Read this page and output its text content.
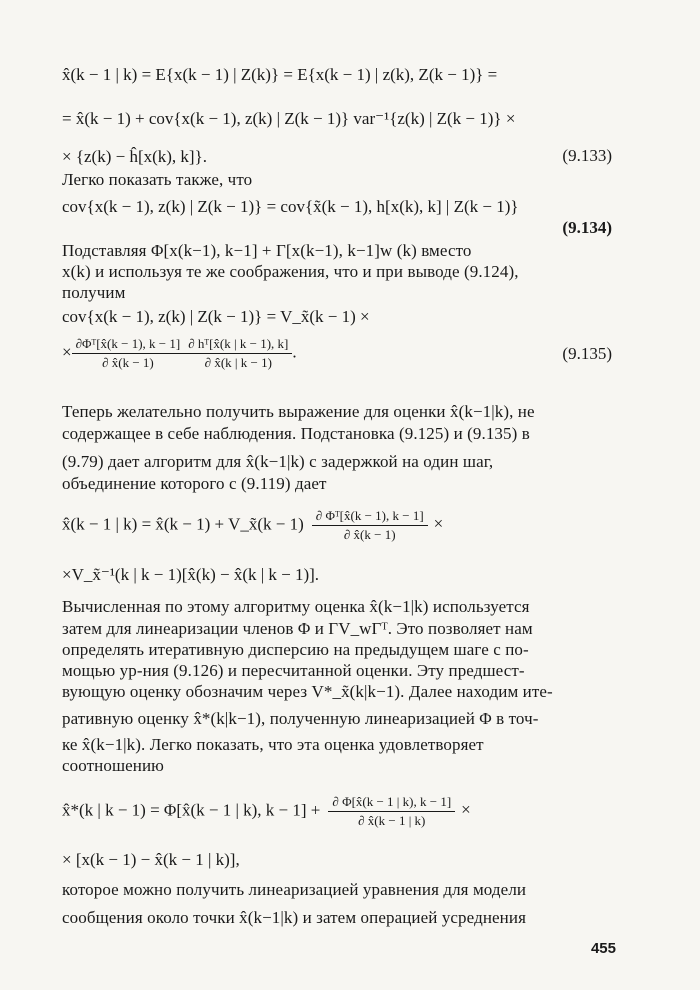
x̂(k − 1 | k) = E{x(k − 1) | Z(k)} = E{x(k − 1) | z(k), Z(k − 1)} =
= x̂(k − 1) + cov{x(k − 1), z(k) | Z(k − 1)} var⁻¹{z(k) | Z(k − 1)} ×
× {z(k) − ĥ[x(k), k]}.
Легко показать также, что
cov{x(k − 1), z(k) | Z(k − 1)} = cov{x̃(k − 1), h[x(k), k] | Z(k − 1)}
Подставляя Φ[x(k−1), k−1] + Γ[x(k−1), k−1]w (k) вместо
x(k) и используя те же соображения, что и при выводе (9.124),
получим
cov{x(k − 1), z(k) | Z(k − 1)} = V_x̃(k − 1) ×
Теперь желательно получить выражение для оценки x̂(k−1|k), не
содержащее в себе наблюдения. Подстановка (9.125) и (9.135) в
(9.79) дает алгоритм для x̂(k−1|k) с задержкой на один шаг,
объединение которого с (9.119) дает
×V_x̃⁻¹(k | k − 1)[x̂(k) − x̂(k | k − 1)].
Вычисленная по этому алгоритму оценка x̂(k−1|k) используется
затем для линеаризации членов Φ и ΓV_wΓᵀ. Это позволяет нам
определять итеративную дисперсию на предыдущем шаге с по-
мощью ур-ния (9.126) и пересчитанной оценки. Эту предшест-
вующую оценку обозначим через V*_x̃(k|k−1). Далее находим ите-
ративную оценку x̂*(k|k−1), полученную линеаризацией Φ в точ-
ке x̂(k−1|k). Легко показать, что эта оценка удовлетворяет
соотношению
× [x(k − 1) − x̂(k − 1 | k)],
которое можно получить линеаризацией уравнения для модели
сообщения около точки x̂(k−1|k) и затем операцией усреднения
× $\frac{\text{∂Φᵀ[x̂(k − 1), k − 1]}}{\partial x̂(k - 1)} \frac{\text{∂ hᵀ[x̂(k | k − 1), k]}}{\partial x̂(k | k - 1)}$ .
x̂(k − 1 | k) = x̂(k − 1) + V_x̃(k − $1) \frac{\text{∂ Φᵀ[x̂(k − 1), k − 1]}}{\partial x̂(k - 1)}$ ×
x̂*(k | k − 1) = Φ[x̂(k − 1 | k), $k - 1] + \frac{\partial \Phi[x̂(k - 1 | k), k - 1]}{\partial x̂(k - 1 | k)}$ ×
(9.133)
(9.134)
(9.135)
455
